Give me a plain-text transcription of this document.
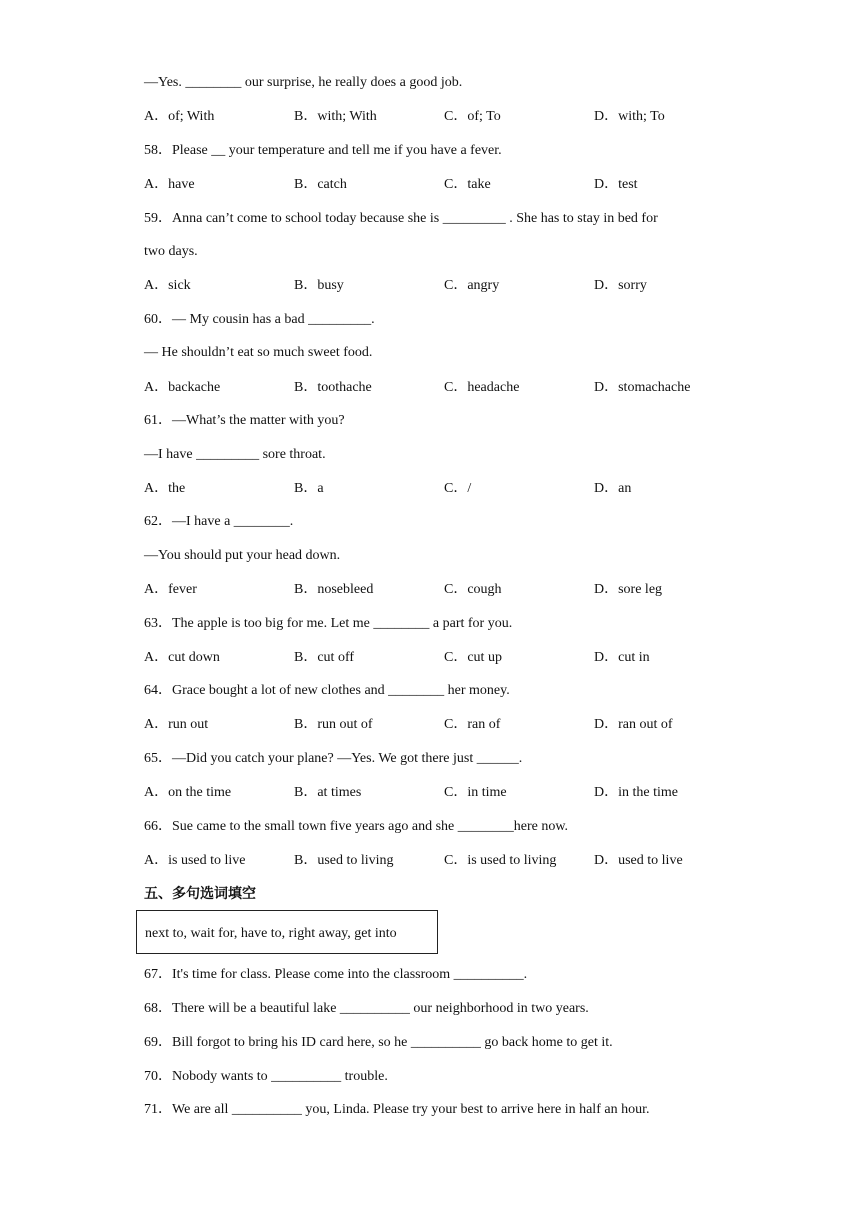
—Yes. ________ our surprise, he really does a good job.
A．of; With	B．with; With	C．of; To	D．with; To
58．Please __ your temperature and tell me if you have a fever.
A．have	B．catch	C．take	D．test
59．Anna can’t come to school today because she is _________ . She has to stay in bed for
two days.
A．sick	B．busy	C．angry	D．sorry
60．— My cousin has a bad _________.
— He shouldn’t eat so much sweet food.
A．backache	B．toothache	C．headache	D．stomachache
61．—What’s the matter with you?
—I have _________ sore throat.
A．the	B．a	C．/	D．an
62．—I have a ________.
—You should put your head down.
A．fever	B．nosebleed	C．cough	D．sore leg
63．The apple is too big for me. Let me ________ a part for you.
A．cut down	B．cut off	C．cut up	D．cut in
64．Grace bought a lot of new clothes and ________ her money.
A．run out	B．run out of	C．ran of	D．ran out of
65．—Did you catch your plane? —Yes. We got there just ______.
A．on the time	B．at times	C．in time	D．in the time
66．Sue came to the small town five years ago and she ________here now.
A．is used to live	B．used to living	C．is used to living	D．used to live
五、多句选词填空
next to, wait for, have to, right away, get into
67．It's time for class. Please come into the classroom __________.
68．There will be a beautiful lake __________ our neighborhood in two years.
69．Bill forgot to bring his ID card here, so he __________ go back home to get it.
70．Nobody wants to __________ trouble.
71．We are all __________ you, Linda. Please try your best to arrive here in half an hour.
